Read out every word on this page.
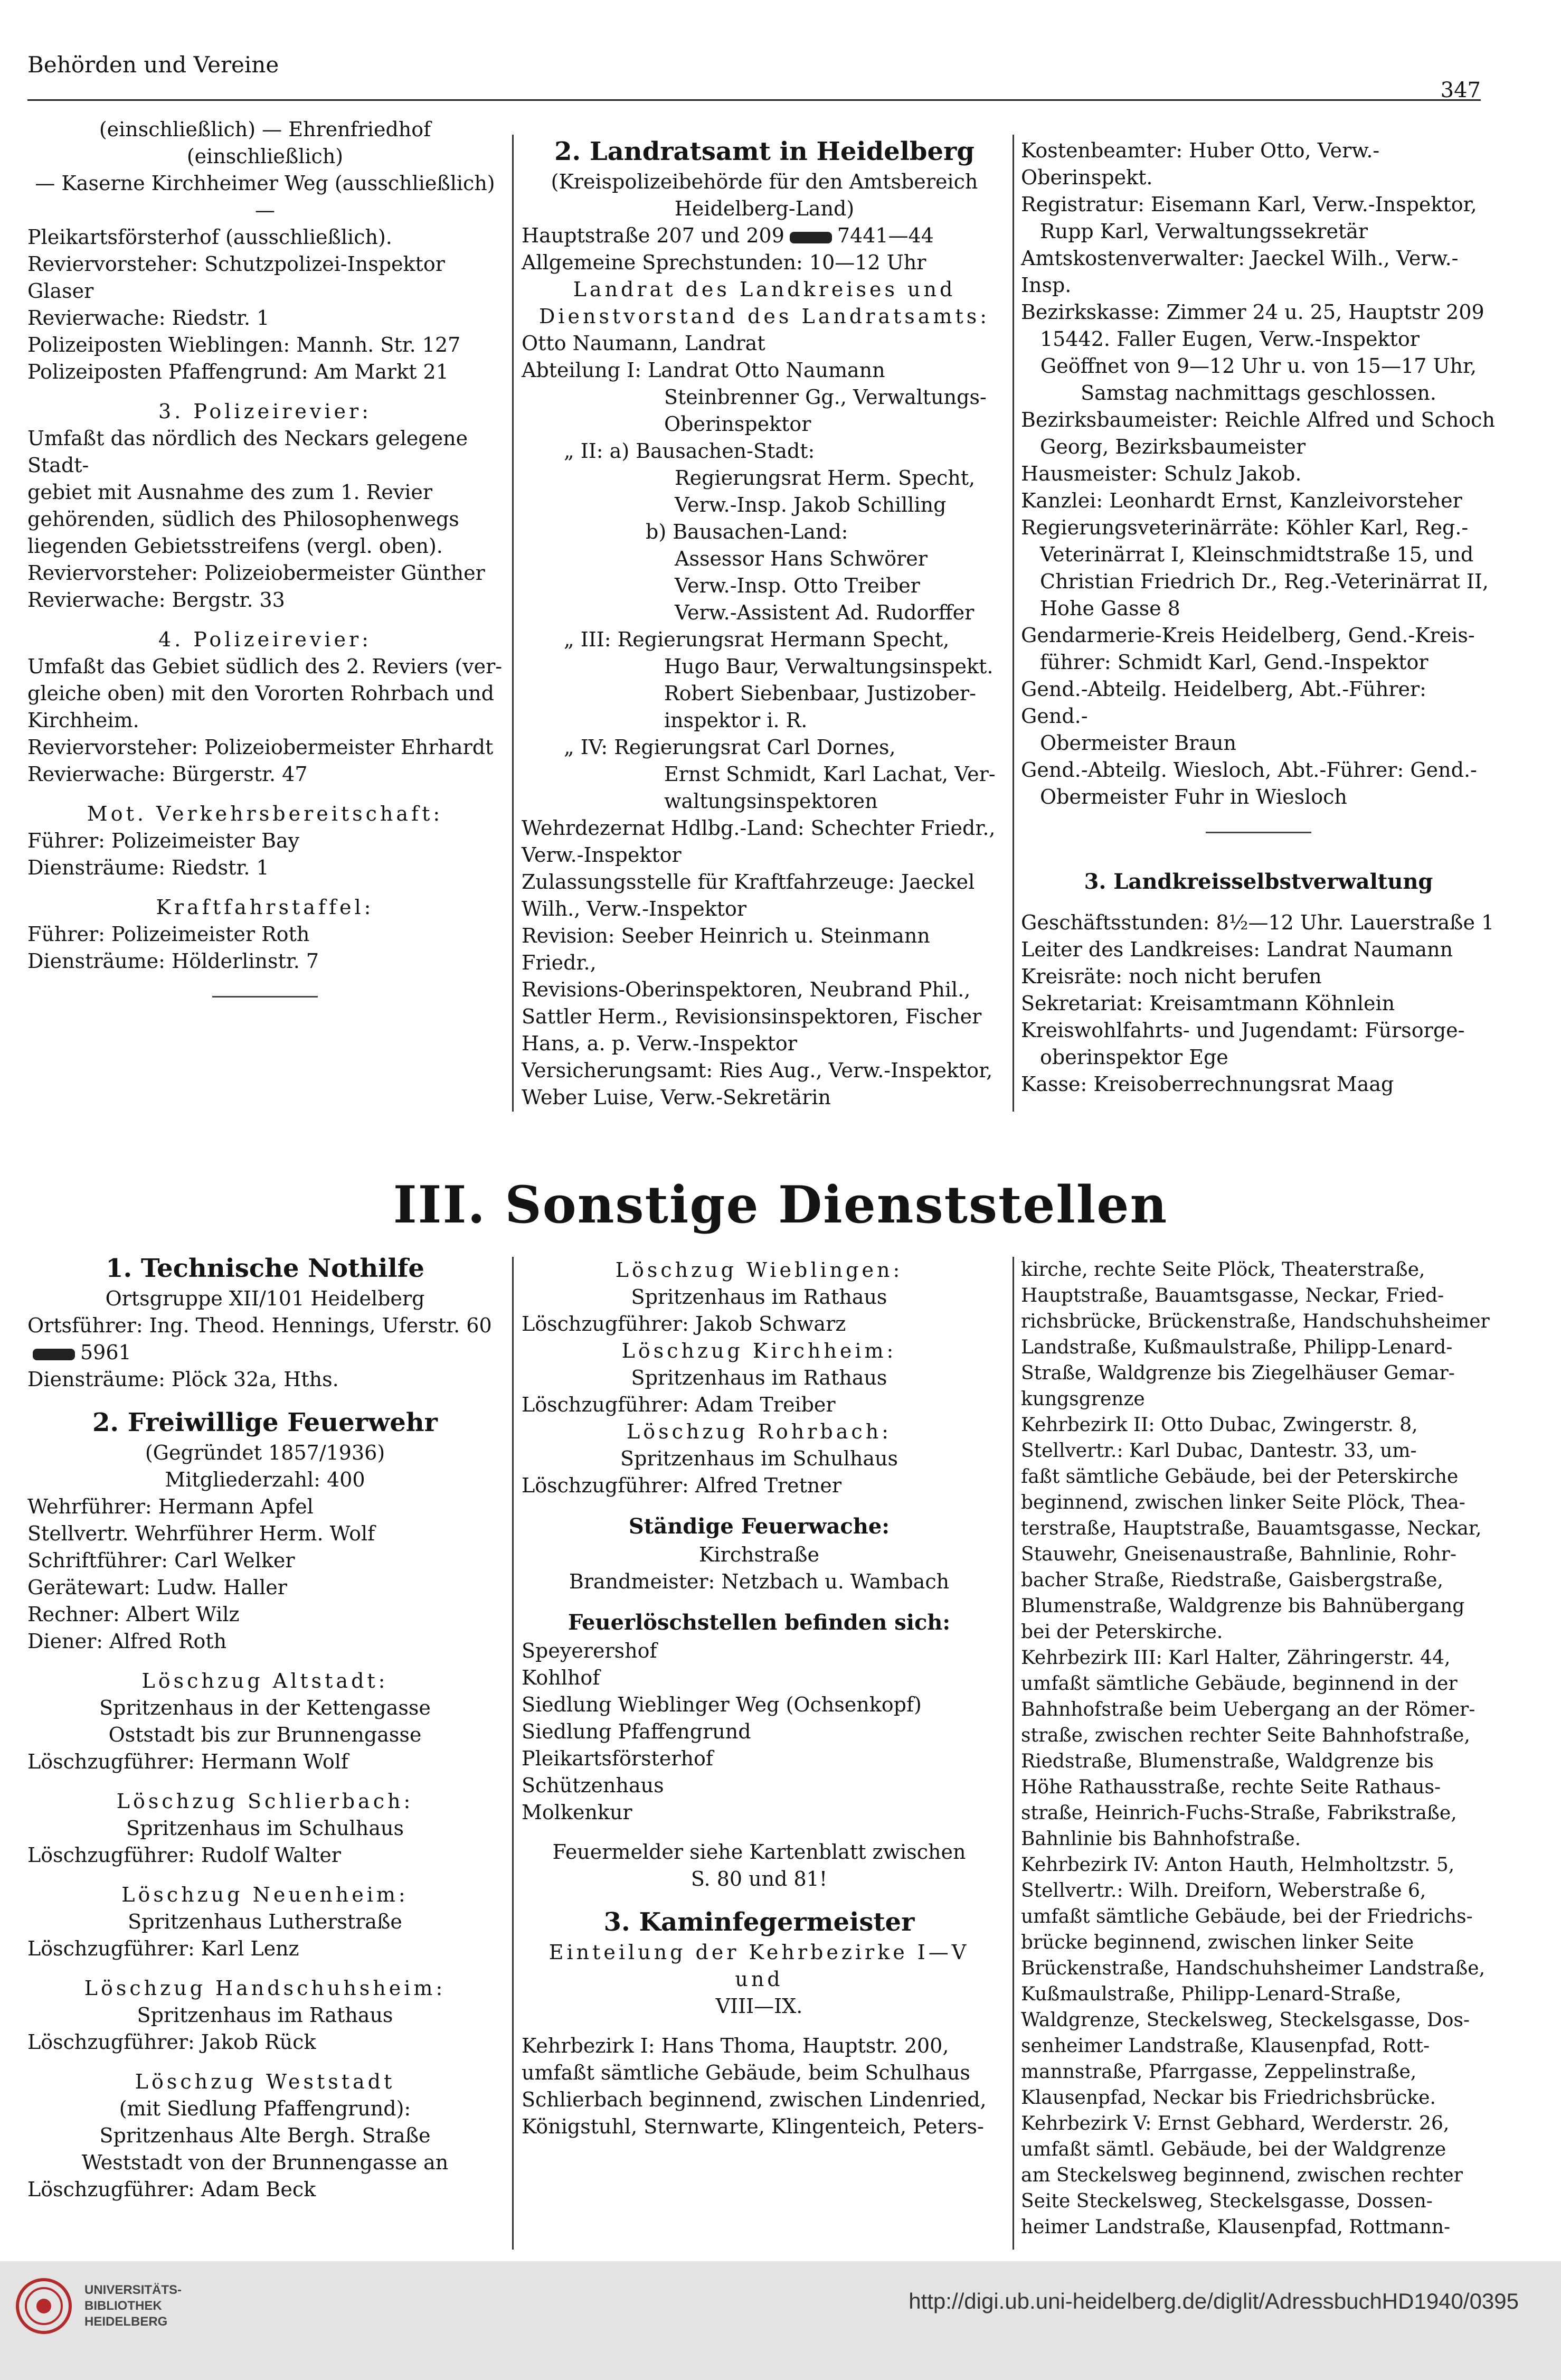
Behörden und Vereine
347

(einschließlich) — Ehrenfriedhof (einschließlich)

— Kaserne Kirchheimer Weg (ausschließlich) —

Pleikartsförsterhof (ausschließlich).

Reviervorsteher: Schutzpolizei-Inspektor Glaser

Revierwache: Riedstr. 1

Polizeiposten Wieblingen: Mannh. Str. 127

Polizeiposten Pfaffengrund: Am Markt 21

3. Polizeirevier:

Umfaßt das nördlich des Neckars gelegene Stadt-

gebiet mit Ausnahme des zum 1. Revier

gehörenden, südlich des Philosophenwegs

liegenden Gebietsstreifens (vergl. oben).

Reviervorsteher: Polizeiobermeister Günther

Revierwache: Bergstr. 33

4. Polizeirevier:

Umfaßt das Gebiet südlich des 2. Reviers (ver-

gleiche oben) mit den Vororten Rohrbach und

Kirchheim.

Reviervorsteher: Polizeiobermeister Ehrhardt

Revierwache: Bürgerstr. 47

Mot. Verkehrsbereitschaft:

Führer: Polizeimeister Bay

Diensträume: Riedstr. 1

Kraftfahrstaffel:

Führer: Polizeimeister Roth

Diensträume: Hölderlinstr. 7

2. Landratsamt in Heidelberg

(Kreispolizeibehörde für den Amtsbereich

Heidelberg-Land)

Hauptstraße 207 und 209	7441—44

Allgemeine Sprechstunden: 10—12 Uhr

Landrat des Landkreises und

Dienstvorstand des Landratsamts:

Otto Naumann, Landrat

Abteilung I: Landrat Otto Naumann

Steinbrenner Gg., Verwaltungs-

Oberinspektor

„ II: a) Bausachen-Stadt:

Regierungsrat Herm. Specht,

Verw.-Insp. Jakob Schilling

b) Bausachen-Land:

Assessor Hans Schwörer

Verw.-Insp. Otto Treiber

Verw.-Assistent Ad. Rudorffer

„ III: Regierungsrat Hermann Specht,

Hugo Baur, Verwaltungsinspekt.

Robert Siebenbaar, Justizober-

inspektor i. R.

„ IV: Regierungsrat Carl Dornes,

Ernst Schmidt, Karl Lachat, Ver-

waltungsinspektoren

Wehrdezernat Hdlbg.-Land: Schechter Friedr.,

Verw.-Inspektor

Zulassungsstelle für Kraftfahrzeuge: Jaeckel

Wilh., Verw.-Inspektor

Revision: Seeber Heinrich u. Steinmann Friedr.,

Revisions-Oberinspektoren, Neubrand Phil.,

Sattler Herm., Revisionsinspektoren, Fischer

Hans, a. p. Verw.-Inspektor

Versicherungsamt: Ries Aug., Verw.-Inspektor,

Weber Luise, Verw.-Sekretärin

Kostenbeamter: Huber Otto, Verw.-Oberinspekt.

Registratur: Eisemann Karl, Verw.-Inspektor,

Rupp Karl, Verwaltungssekretär

Amtskostenverwalter: Jaeckel Wilh., Verw.-Insp.

Bezirkskasse: Zimmer 24 u. 25, Hauptstr 209

15442. Faller Eugen, Verw.-Inspektor

Geöffnet von 9—12 Uhr u. von 15—17 Uhr,

Samstag nachmittags geschlossen.

Bezirksbaumeister: Reichle Alfred und Schoch

Georg, Bezirksbaumeister

Hausmeister: Schulz Jakob.

Kanzlei: Leonhardt Ernst, Kanzleivorsteher

Regierungsveterinärräte: Köhler Karl, Reg.-

Veterinärrat I, Kleinschmidtstraße 15, und

Christian Friedrich Dr., Reg.-Veterinärrat II,

Hohe Gasse 8

Gendarmerie-Kreis Heidelberg, Gend.-Kreis-

führer: Schmidt Karl, Gend.-Inspektor

Gend.-Abteilg. Heidelberg, Abt.-Führer: Gend.-

Obermeister Braun

Gend.-Abteilg. Wiesloch, Abt.-Führer: Gend.-

Obermeister Fuhr in Wiesloch

3. Landkreisselbstverwaltung

Geschäftsstunden: 8½—12 Uhr. Lauerstraße 1

Leiter des Landkreises: Landrat Naumann

Kreisräte: noch nicht berufen

Sekretariat: Kreisamtmann Köhnlein

Kreiswohlfahrts- und Jugendamt: Fürsorge-

oberinspektor Ege

Kasse: Kreisoberrechnungsrat Maag

III. Sonstige Dienststellen
1. Technische Nothilfe

Ortsgruppe XII/101 Heidelberg

Ortsführer: Ing. Theod. Hennings, Uferstr. 60

5961

Diensträume: Plöck 32a, Hths.

2. Freiwillige Feuerwehr

(Gegründet 1857/1936)

Mitgliederzahl: 400

Wehrführer: Hermann Apfel

Stellvertr. Wehrführer Herm. Wolf

Schriftführer: Carl Welker

Gerätewart: Ludw. Haller

Rechner: Albert Wilz

Diener: Alfred Roth

Löschzug Altstadt:

Spritzenhaus in der Kettengasse

Oststadt bis zur Brunnengasse

Löschzugführer: Hermann Wolf

Löschzug Schlierbach:

Spritzenhaus im Schulhaus

Löschzugführer: Rudolf Walter

Löschzug Neuenheim:

Spritzenhaus Lutherstraße

Löschzugführer: Karl Lenz

Löschzug Handschuhsheim:

Spritzenhaus im Rathaus

Löschzugführer: Jakob Rück

Löschzug Weststadt

(mit Siedlung Pfaffengrund):

Spritzenhaus Alte Bergh. Straße

Weststadt von der Brunnengasse an

Löschzugführer: Adam Beck

Löschzug Wieblingen:

Spritzenhaus im Rathaus

Löschzugführer: Jakob Schwarz

Löschzug Kirchheim:

Spritzenhaus im Rathaus

Löschzugführer: Adam Treiber

Löschzug Rohrbach:

Spritzenhaus im Schulhaus

Löschzugführer: Alfred Tretner

Ständige Feuerwache:

Kirchstraße

Brandmeister: Netzbach u. Wambach

Feuerlöschstellen befinden sich:

Speyerershof

Kohlhof

Siedlung Wieblinger Weg (Ochsenkopf)

Siedlung Pfaffengrund

Pleikartsförsterhof

Schützenhaus

Molkenkur

Feuermelder siehe Kartenblatt zwischen

S. 80 und 81!

3. Kaminfegermeister

Einteilung der Kehrbezirke I—V und

VIII—IX.

Kehrbezirk I: Hans Thoma, Hauptstr. 200,

umfaßt sämtliche Gebäude, beim Schulhaus

Schlierbach beginnend, zwischen Lindenried,

Königstuhl, Sternwarte, Klingenteich, Peters-

kirche, rechte Seite Plöck, Theaterstraße,

Hauptstraße, Bauamtsgasse, Neckar, Fried-

richsbrücke, Brückenstraße, Handschuhsheimer

Landstraße, Kußmaulstraße, Philipp-Lenard-

Straße, Waldgrenze bis Ziegelhäuser Gemar-

kungsgrenze

Kehrbezirk II: Otto Dubac, Zwingerstr. 8,

Stellvertr.: Karl Dubac, Dantestr. 33, um-

faßt sämtliche Gebäude, bei der Peterskirche

beginnend, zwischen linker Seite Plöck, Thea-

terstraße, Hauptstraße, Bauamtsgasse, Neckar,

Stauwehr, Gneisenaustraße, Bahnlinie, Rohr-

bacher Straße, Riedstraße, Gaisbergstraße,

Blumenstraße, Waldgrenze bis Bahnübergang

bei der Peterskirche.

Kehrbezirk III: Karl Halter, Zähringerstr. 44,

umfaßt sämtliche Gebäude, beginnend in der

Bahnhofstraße beim Uebergang an der Römer-

straße, zwischen rechter Seite Bahnhofstraße,

Riedstraße, Blumenstraße, Waldgrenze bis

Höhe Rathausstraße, rechte Seite Rathaus-

straße, Heinrich-Fuchs-Straße, Fabrikstraße,

Bahnlinie bis Bahnhofstraße.

Kehrbezirk IV: Anton Hauth, Helmholtzstr. 5,

Stellvertr.: Wilh. Dreiforn, Weberstraße 6,

umfaßt sämtliche Gebäude, bei der Friedrichs-

brücke beginnend, zwischen linker Seite

Brückenstraße, Handschuhsheimer Landstraße,

Kußmaulstraße, Philipp-Lenard-Straße,

Waldgrenze, Steckelsweg, Steckelsgasse, Dos-

senheimer Landstraße, Klausenpfad, Rott-

mannstraße, Pfarrgasse, Zeppelinstraße,

Klausenpfad, Neckar bis Friedrichsbrücke.

Kehrbezirk V: Ernst Gebhard, Werderstr. 26,

umfaßt sämtl. Gebäude, bei der Waldgrenze

am Steckelsweg beginnend, zwischen rechter

Seite Steckelsweg, Steckelsgasse, Dossen-

heimer Landstraße, Klausenpfad, Rottmann-

UNIVERSITÄTS-
BIBLIOTHEK
HEIDELBERG
http://digi.ub.uni-heidelberg.de/diglit/AdressbuchHD1940/0395
